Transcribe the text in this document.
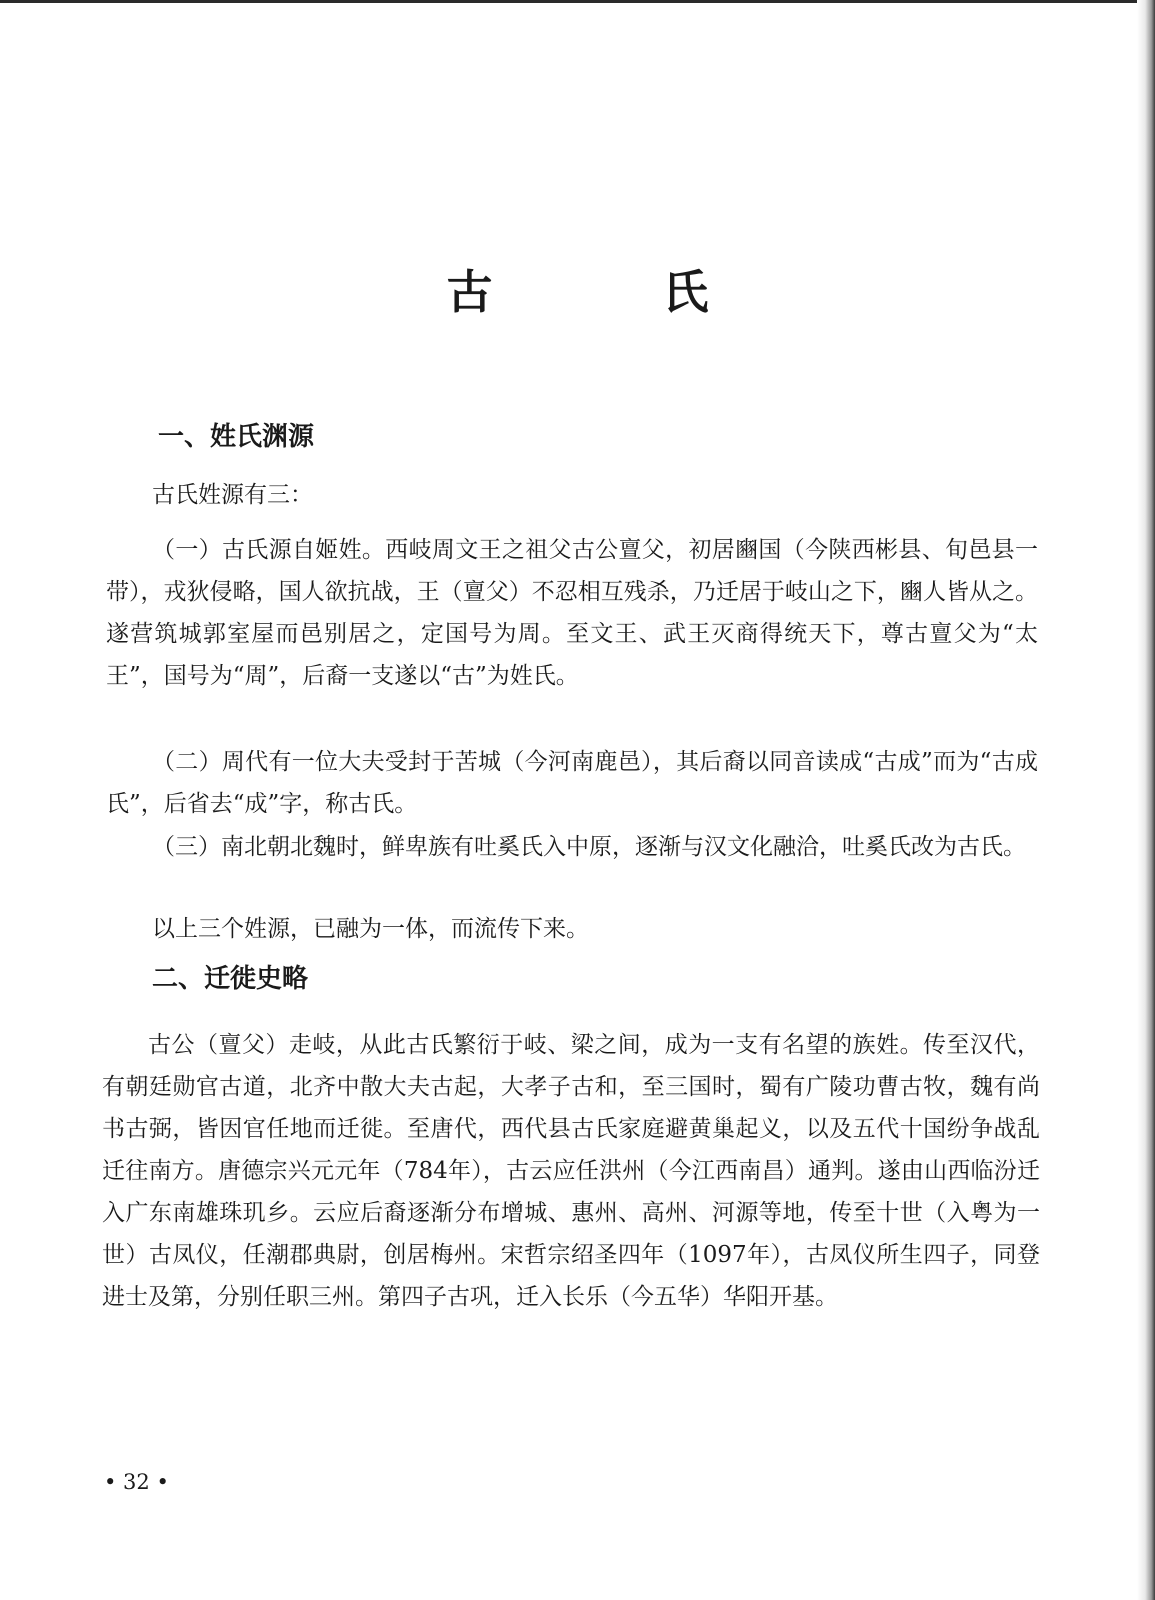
古　氏
一、姓氏渊源
古氏姓源有三：
（一）古氏源自姬姓。西岐周文王之祖父古公亶父，初居豳国（今陕西彬县、旬邑县一带），戎狄侵略，国人欲抗战，王（亶父）不忍相互残杀，乃迁居于岐山之下，豳人皆从之。遂营筑城郭室屋而邑别居之，定国号为周。至文王、武王灭商得统天下，尊古亶父为“太王”，国号为“周”，后裔一支遂以“古”为姓氏。
（二）周代有一位大夫受封于苦城（今河南鹿邑），其后裔以同音读成“古成”而为“古成氏”，后省去“成”字，称古氏。
（三）南北朝北魏时，鲜卑族有吐奚氏入中原，逐渐与汉文化融洽，吐奚氏改为古氏。
以上三个姓源，已融为一体，而流传下来。
二、迁徙史略
古公（亶父）走岐，从此古氏繁衍于岐、梁之间，成为一支有名望的族姓。传至汉代，有朝廷勋官古道，北齐中散大夫古起，大孝子古和，至三国时，蜀有广陵功曹古牧，魏有尚书古弼，皆因官任地而迁徙。至唐代，西代县古氏家庭避黄巢起义，以及五代十国纷争战乱迁往南方。唐德宗兴元元年（784年），古云应任洪州（今江西南昌）通判。遂由山西临汾迁入广东南雄珠玑乡。云应后裔逐渐分布增城、惠州、高州、河源等地，传至十世（入粤为一世）古凤仪，任潮郡典尉，创居梅州。宋哲宗绍圣四年（1097年），古凤仪所生四子，同登进士及第，分别任职三州。第四子古巩，迁入长乐（今五华）华阳开基。
• 32 •
